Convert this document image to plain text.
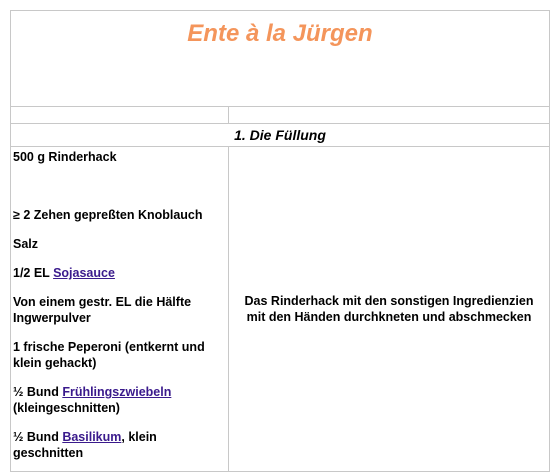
Ente à la Jürgen
1. Die Füllung
500 g Rinderhack
≥ 2 Zehen gepreßten Knoblauch
Salz
1/2 EL Sojasauce
Von einem gestr. EL die Hälfte Ingwerpulver
1 frische Peperoni (entkernt und klein gehackt)
½ Bund Frühlingszwiebeln (kleingeschnitten)
½ Bund Basilikum, klein geschnitten
Das Rinderhack mit den sonstigen Ingredienzien mit den Händen durchkneten und abschmecken
